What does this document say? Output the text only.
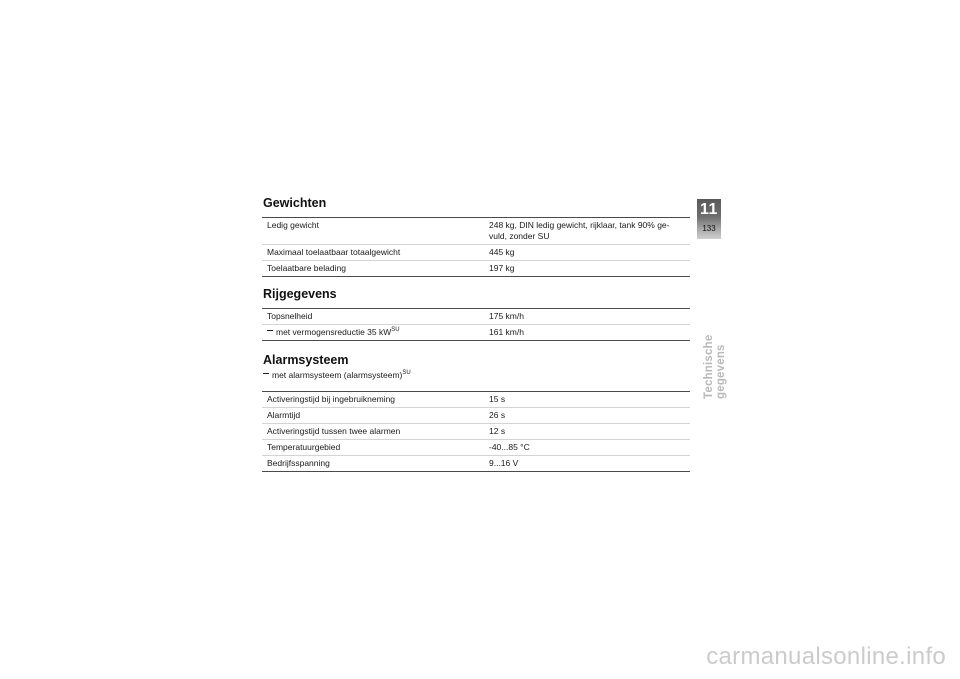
Gewichten
Ledig gewicht	248 kg, DIN ledig gewicht, rijklaar, tank 90% ge-
vuld, zonder SU
Maximaal toelaatbaar totaalgewicht	445 kg
Toelaatbare belading	197 kg
Rijgegevens
Topsnelheid	175 km/h
met vermogensreductie 35 $kW^{SU}$	161 km/h
Alarmsysteem
met alarmsysteem (alarmsysteem)$^{SU}$
Activeringstijd bij ingebruikneming	15 s
Alarmtijd	26 s
Activeringstijd tussen twee alarmen	12 s
Temperatuurgebied	-40...85 °C
Bedrijfsspanning	9...16 V
11
133
Technische gegevens
carmanualsonline.info
